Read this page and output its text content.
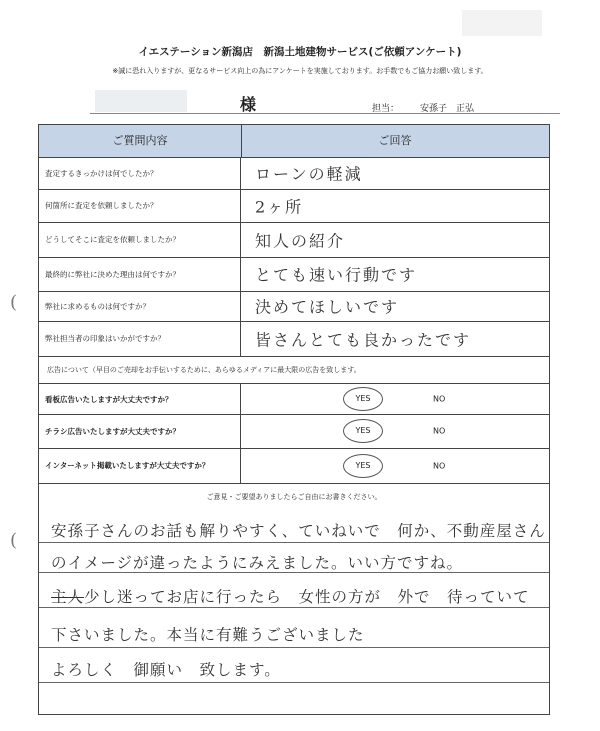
イエステーション新潟店　新潟土地建物サービス(ご依頼アンケート)
※誠に恐れ入りますが、更なるサービス向上の為にアンケートを実施しております。お手数でもご協力お願い致します。
様	担当： 安孫子　正弘
(
(
ご質問内容	ご回答
査定するきっかけは何でしたか？	ローンの軽減
何箇所に査定を依頼しましたか？	2ヶ所
どうしてそこに査定を依頼しましたか？	知人の紹介
最終的に弊社に決めた理由は何ですか？	とても速い行動です
弊社に求めるものは何ですか？	決めてほしいです
弊社担当者の印象はいかがですか？	皆さんとても良かったです
広告について（早目のご売却をお手伝いするために、あらゆるメディアに最大限の広告を致します。
看板広告いたしますが大丈夫ですか？	YES	NO
チラシ広告いたしますが大丈夫ですか？	YES	NO
インターネット掲載いたしますが大丈夫ですか？	YES	NO
ご意見・ご要望ありましたらご自由にお書きください。
安孫子さんのお話も解りやすく、ていねいで　何か、不動産屋さん
のイメージが違ったようにみえました。いい方ですね。
主人少し迷ってお店に行ったら　女性の方が　外で　待っていて
下さいました。本当に有難うございました
よろしく　御願い　致します。
